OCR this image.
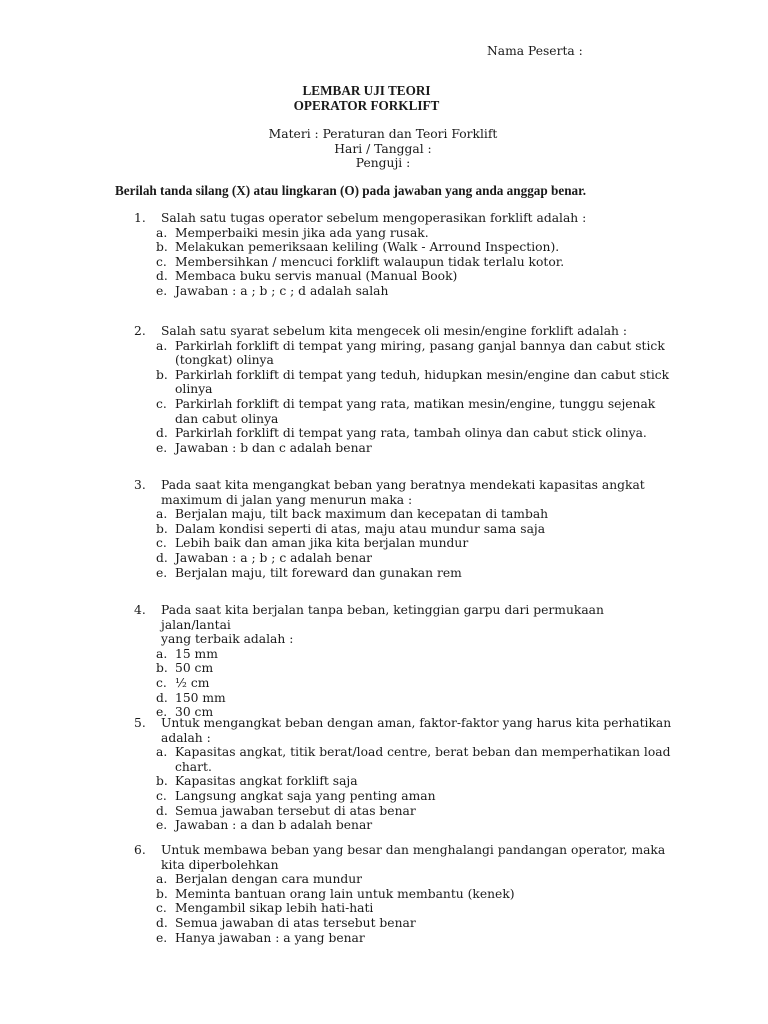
Nama Peserta :
LEMBAR UJI TEORI
OPERATOR FORKLIFT
Materi : Peraturan dan Teori Forklift
Hari / Tanggal :
Penguji :
Berilah tanda silang (X) atau lingkaran (O) pada jawaban yang anda anggap benar.
1. Salah satu tugas operator sebelum mengoperasikan forklift adalah :
a. Memperbaiki mesin jika ada yang rusak.
b. Melakukan pemeriksaan keliling (Walk - Arround Inspection).
c. Membersihkan / mencuci forklift walaupun tidak terlalu kotor.
d. Membaca buku servis manual (Manual Book)
e. Jawaban : a ; b ; c ; d adalah salah
2. Salah satu syarat sebelum kita mengecek oli mesin/engine forklift adalah :
a. Parkirlah forklift di tempat yang miring, pasang ganjal bannya dan cabut stick
(tongkat) olinya
b. Parkirlah forklift di tempat yang teduh, hidupkan mesin/engine dan cabut stick
olinya
c. Parkirlah forklift di tempat yang rata, matikan mesin/engine, tunggu sejenak
dan cabut olinya
d. Parkirlah forklift di tempat yang rata, tambah olinya dan cabut stick olinya.
e. Jawaban : b dan c adalah benar
3. Pada saat kita mengangkat beban yang beratnya mendekati kapasitas angkat
maximum di jalan yang menurun maka :
a. Berjalan maju, tilt back maximum dan kecepatan di tambah
b. Dalam kondisi seperti di atas, maju atau mundur sama saja
c. Lebih baik dan aman jika kita berjalan mundur
d. Jawaban : a ; b ; c adalah benar
e. Berjalan maju, tilt foreward dan gunakan rem
4. Pada saat kita berjalan tanpa beban, ketinggian garpu dari permukaan jalan/lantai
yang terbaik adalah :
a. 15 mm
b. 50 cm
c. ½ cm
d. 150 mm
e. 30 cm
5. Untuk mengangkat beban dengan aman, faktor-faktor yang harus kita perhatikan
adalah :
a. Kapasitas angkat, titik berat/load centre, berat beban dan memperhatikan load
chart.
b. Kapasitas angkat forklift saja
c. Langsung angkat saja yang penting aman
d. Semua jawaban tersebut di atas benar
e. Jawaban : a dan b adalah benar
6. Untuk membawa beban yang besar dan menghalangi pandangan operator, maka
kita diperbolehkan
a. Berjalan dengan cara mundur
b. Meminta bantuan orang lain untuk membantu (kenek)
c. Mengambil sikap lebih hati-hati
d. Semua jawaban di atas tersebut benar
e. Hanya jawaban : a yang benar
